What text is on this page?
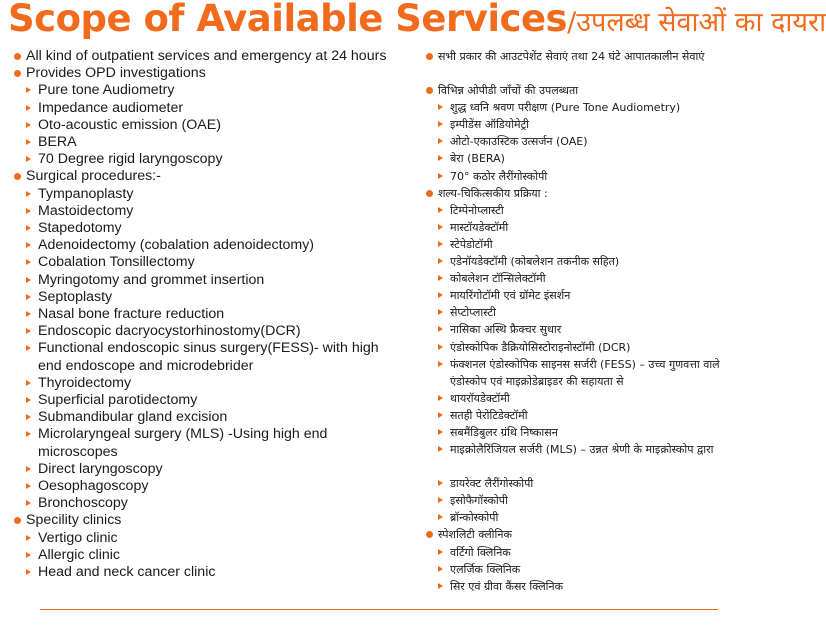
Scope of Available Services/उपलब्ध सेवाओं का दायरा
All kind of outpatient services and emergency at 24 hours
Provides OPD investigations
Pure tone Audiometry
Impedance audiometer
Oto-acoustic emission (OAE)
BERA
70 Degree rigid laryngoscopy
Surgical procedures:-
Tympanoplasty
Mastoidectomy
Stapedotomy
Adenoidectomy (cobalation adenoidectomy)
Cobalation Tonsillectomy
Myringotomy and grommet insertion
Septoplasty
Nasal bone fracture reduction
Endoscopic dacryocystorhinostomy(DCR)
Functional endoscopic sinus surgery(FESS)- with high end endoscope and microdebrider
Thyroidectomy
Superficial parotidectomy
Submandibular gland excision
Microlaryngeal surgery (MLS) -Using high end microscopes
Direct laryngoscopy
Oesophagoscopy
Bronchoscopy
Specility clinics
Vertigo clinic
Allergic clinic
Head and neck cancer clinic
सभी प्रकार की आउटपेशेंट सेवाएं तथा 24 घंटे आपातकालीन सेवाएं
विभिन्न ओपीडी जाँचों की उपलब्धता
शुद्ध ध्वनि श्रवण परीक्षण (Pure Tone Audiometry)
इम्पीडेंस ऑडियोमेट्री
ओटो-एकाउस्टिक उत्सर्जन (OAE)
बेरा (BERA)
70° कठोर लैरींगोस्कोपी
शल्य-चिकित्सकीय प्रक्रिया :
टिम्पेनोप्लास्टी
मास्टॉयडेक्टॉमी
स्टेपेडोटॉमी
एडेनॉयडेक्टॉमी (कोबलेशन तकनीक सहित)
कोबलेशन टॉन्सिलेक्टॉमी
मायरिंगोटॉमी एवं ग्रॉमेट इंसर्शन
सेप्टोप्लास्टी
नासिका अस्थि फ्रैक्चर सुधार
एंडोस्कोपिक डैक्रियोसिस्टोराइनोस्टॉमी (DCR)
फंक्शनल एंडोस्कोपिक साइनस सर्जरी (FESS) – उच्च गुणवत्ता वाले एंडोस्कोप एवं माइक्रोडेब्राइडर की सहायता से
थायरॉयडेक्टॉमी
सतही पेरोटिडेक्टॉमी
सबमैंडिबुलर ग्रंथि निष्कासन
माइक्रोलैरिंजियल सर्जरी (MLS) – उन्नत श्रेणी के माइक्रोस्कोप द्वारा
डायरेक्ट लैरींगोस्कोपी
इसोफैगॉस्कोपी
ब्रॉन्कोस्कोपी
स्पेशलिटी क्लीनिक
वर्टिगो क्लिनिक
एलर्जिक क्लिनिक
सिर एवं ग्रीवा कैंसर क्लिनिक
